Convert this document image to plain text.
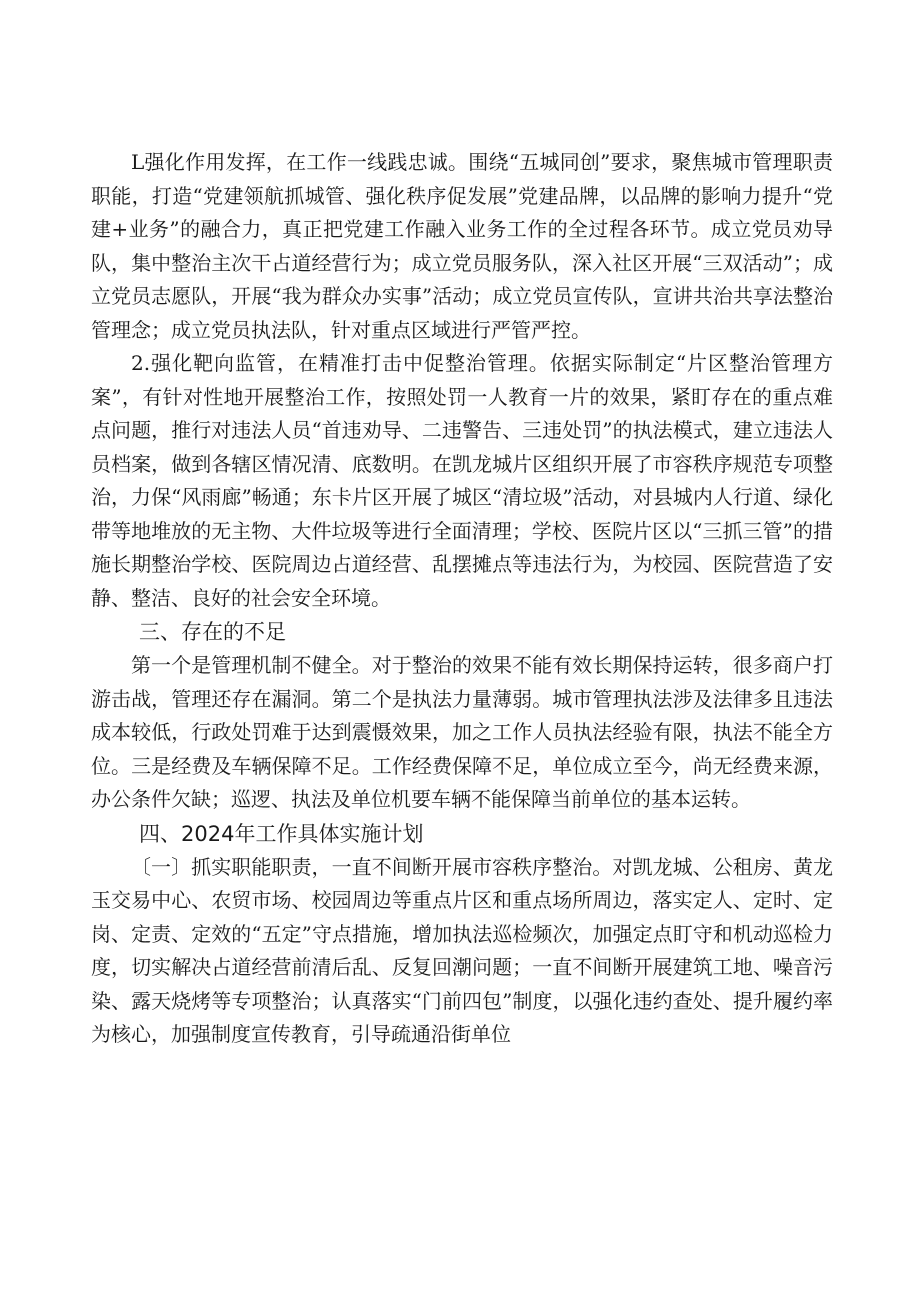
L强化作用发挥，在工作一线践忠诚。围绕“五城同创”要求，聚焦城市管理职责职能，打造“党建领航抓城管、强化秩序促发展”党建品牌，以品牌的影响力提升“党建+业务”的融合力，真正把党建工作融入业务工作的全过程各环节。成立党员劝导队，集中整治主次干占道经营行为；成立党员服务队，深入社区开展“三双活动”；成立党员志愿队，开展“我为群众办实事”活动；成立党员宣传队，宣讲共治共享法整治管理念；成立党员执法队，针对重点区域进行严管严控。

2.强化靶向监管，在精准打击中促整治管理。依据实际制定“片区整治管理方案”，有针对性地开展整治工作，按照处罚一人教育一片的效果，紧盯存在的重点难点问题，推行对违法人员“首违劝导、二违警告、三违处罚”的执法模式，建立违法人员档案，做到各辖区情况清、底数明。在凯龙城片区组织开展了市容秩序规范专项整治，力保“风雨廊”畅通；东卡片区开展了城区“清垃圾”活动，对县城内人行道、绿化带等地堆放的无主物、大件垃圾等进行全面清理；学校、医院片区以“三抓三管”的措施长期整治学校、医院周边占道经营、乱摆摊点等违法行为，为校园、医院营造了安静、整洁、良好的社会安全环境。

三、存在的不足

第一个是管理机制不健全。对于整治的效果不能有效长期保持运转，很多商户打游击战，管理还存在漏洞。第二个是执法力量薄弱。城市管理执法涉及法律多且违法成本较低，行政处罚难于达到震慑效果，加之工作人员执法经验有限，执法不能全方位。三是经费及车辆保障不足。工作经费保障不足，单位成立至今，尚无经费来源，办公条件欠缺；巡逻、执法及单位机要车辆不能保障当前单位的基本运转。

四、2024年工作具体实施计划

〔一〕抓实职能职责，一直不间断开展市容秩序整治。对凯龙城、公租房、黄龙玉交易中心、农贸市场、校园周边等重点片区和重点场所周边，落实定人、定时、定岗、定责、定效的“五定”守点措施，增加执法巡检频次，加强定点盯守和机动巡检力度，切实解决占道经营前清后乱、反复回潮问题；一直不间断开展建筑工地、噪音污染、露天烧烤等专项整治；认真落实“门前四包”制度，以强化违约查处、提升履约率为核心，加强制度宣传教育，引导疏通沿街单位
